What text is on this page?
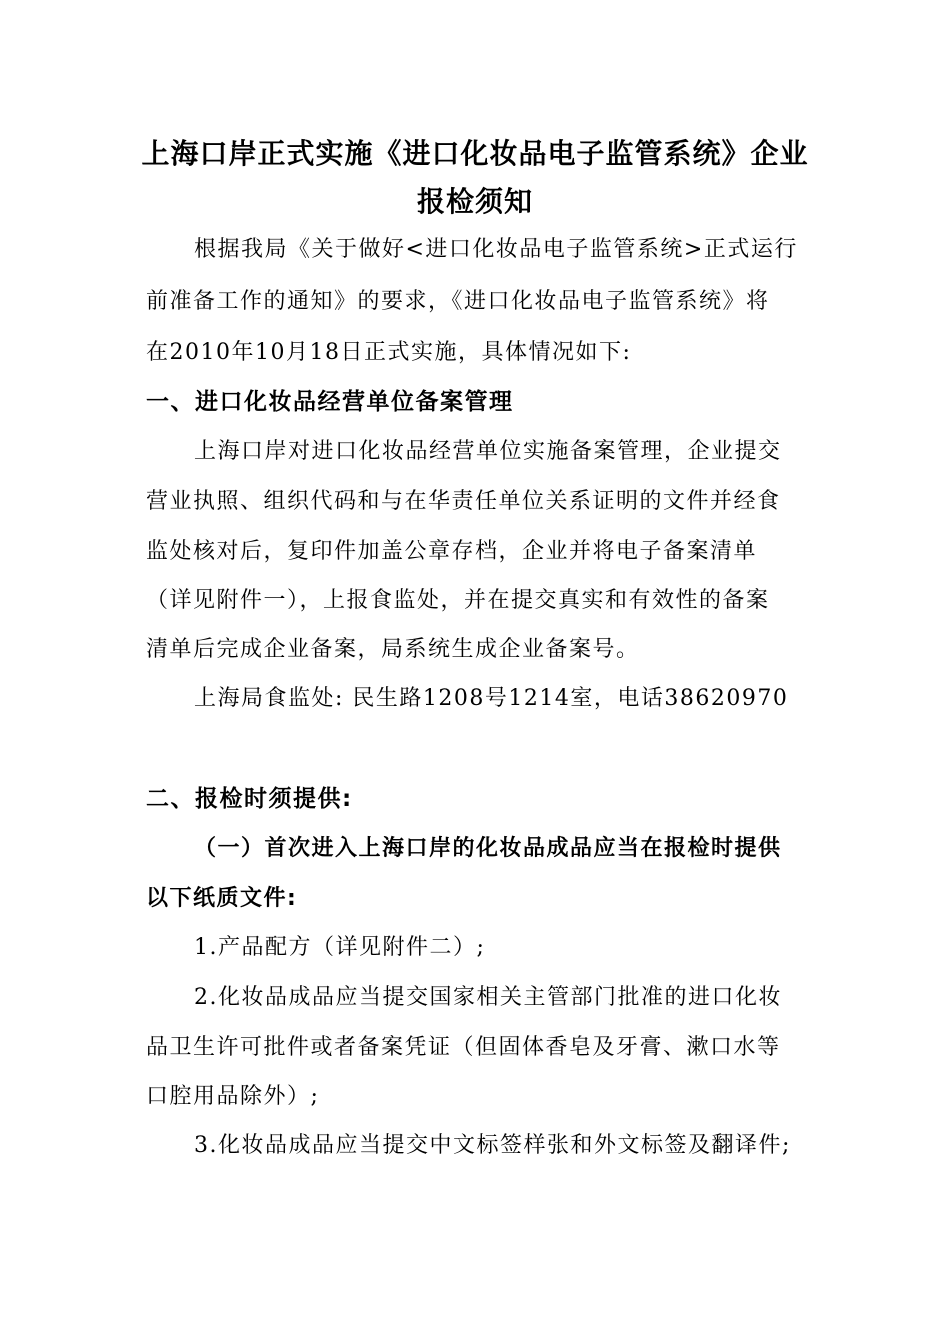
上海口岸正式实施《进口化妆品电子监管系统》企业
报检须知
根据我局《关于做好<进口化妆品电子监管系统>正式运行
前准备工作的通知》的要求，《进口化妆品电子监管系统》将
在2010年10月18日正式实施，具体情况如下:
一、进口化妆品经营单位备案管理
上海口岸对进口化妆品经营单位实施备案管理，企业提交
营业执照、组织代码和与在华责任单位关系证明的文件并经食
监处核对后，复印件加盖公章存档，企业并将电子备案清单
（详见附件一），上报食监处，并在提交真实和有效性的备案
清单后完成企业备案，局系统生成企业备案号。
上海局食监处: 民生路1208号1214室，电话38620970
二、报检时须提供:
（一）首次进入上海口岸的化妆品成品应当在报检时提供
以下纸质文件:
1.产品配方（详见附件二）;
2.化妆品成品应当提交国家相关主管部门批准的进口化妆
品卫生许可批件或者备案凭证（但固体香皂及牙膏、漱口水等
口腔用品除外）;
3.化妆品成品应当提交中文标签样张和外文标签及翻译件;
